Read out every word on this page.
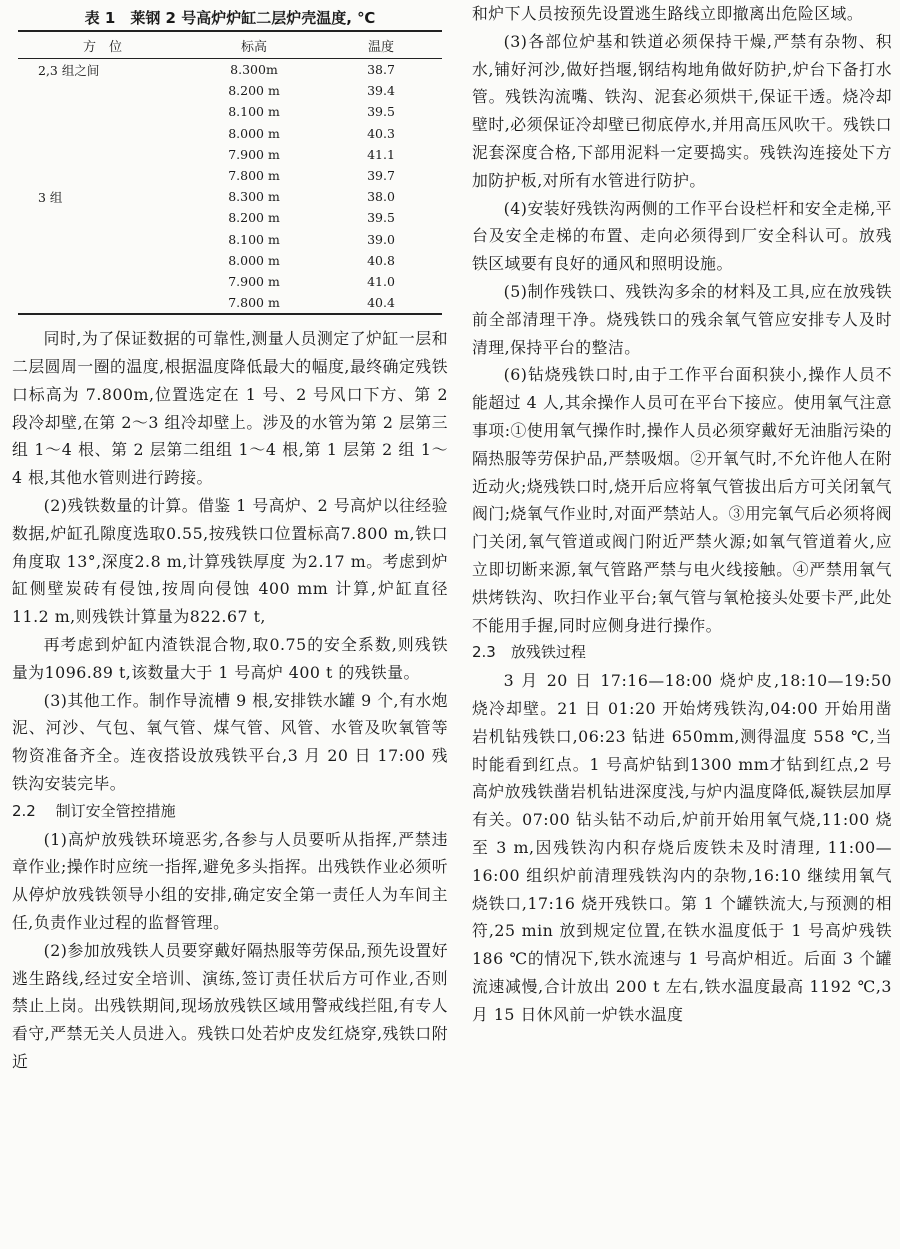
表 1　莱钢 2 号高炉炉缸二层炉壳温度, ℃
方　位	标高	温度
2,3 组之间	8.300m	38.7
	8.200 m	39.4
	8.100 m	39.5
	8.000 m	40.3
	7.900 m	41.1
	7.800 m	39.7
3 组	8.300 m	38.0
	8.200 m	39.5
	8.100 m	39.0
	8.000 m	40.8
	7.900 m	41.0
	7.800 m	40.4

同时,为了保证数据的可靠性,测量人员测定了炉缸一层和二层圆周一圈的温度,根据温度降低最大的幅度,最终确定残铁口标高为 7.800m,位置选定在 1 号、2 号风口下方、第 2 段冷却壁,在第 2～3 组冷却壁上。涉及的水管为第 2 层第三组 1～4 根、第 2 层第二组组 1～4 根,第 1 层第 2 组 1～4 根,其他水管则进行跨接。

(2)残铁数量的计算。借鉴 1 号高炉、2 号高炉以往经验数据,炉缸孔隙度选取0.55,按残铁口位置标高7.800 m,铁口角度取 13°,深度2.8 m,计算残铁厚度 为2.17 m。考虑到炉缸侧壁炭砖有侵蚀,按周向侵蚀 400 mm 计算,炉缸直径11.2 m,则残铁计算量为822.67 t,

再考虑到炉缸内渣铁混合物,取0.75的安全系数,则残铁量为1096.89 t,该数量大于 1 号高炉 400 t 的残铁量。

(3)其他工作。制作导流槽 9 根,安排铁水罐 9 个,有水炮泥、河沙、气包、氧气管、煤气管、风管、水管及吹氧管等物资准备齐全。连夜搭设放残铁平台,3 月 20 日 17:00 残铁沟安装完毕。

2.2　 制订安全管控措施

(1)高炉放残铁环境恶劣,各参与人员要听从指挥,严禁违章作业;操作时应统一指挥,避免多头指挥。出残铁作业必须听从停炉放残铁领导小组的安排,确定安全第一责任人为车间主任,负责作业过程的监督管理。

(2)参加放残铁人员要穿戴好隔热服等劳保品,预先设置好逃生路线,经过安全培训、演练,签订责任状后方可作业,否则禁止上岗。出残铁期间,现场放残铁区域用警戒线拦阻,有专人看守,严禁无关人员进入。残铁口处若炉皮发红烧穿,残铁口附近

和炉下人员按预先设置逃生路线立即撤离出危险区域。

(3)各部位炉基和铁道必须保持干燥,严禁有杂物、积水,铺好河沙,做好挡堰,钢结构地角做好防护,炉台下备打水管。残铁沟流嘴、铁沟、泥套必须烘干,保证干透。烧冷却壁时,必须保证冷却壁已彻底停水,并用高压风吹干。残铁口泥套深度合格,下部用泥料一定要捣实。残铁沟连接处下方加防护板,对所有水管进行防护。

(4)安装好残铁沟两侧的工作平台设栏杆和安全走梯,平台及安全走梯的布置、走向必须得到厂安全科认可。放残铁区域要有良好的通风和照明设施。

(5)制作残铁口、残铁沟多余的材料及工具,应在放残铁前全部清理干净。烧残铁口的残余氧气管应安排专人及时清理,保持平台的整洁。

(6)钻烧残铁口时,由于工作平台面积狭小,操作人员不能超过 4 人,其余操作人员可在平台下接应。使用氧气注意事项:①使用氧气操作时,操作人员必须穿戴好无油脂污染的隔热服等劳保护品,严禁吸烟。②开氧气时,不允许他人在附近动火;烧残铁口时,烧开后应将氧气管拔出后方可关闭氧气阀门;烧氧气作业时,对面严禁站人。③用完氧气后必须将阀门关闭,氧气管道或阀门附近严禁火源;如氧气管道着火,应立即切断来源,氧气管路严禁与电火线接触。④严禁用氧气烘烤铁沟、吹扫作业平台;氧气管与氧枪接头处要卡严,此处不能用手握,同时应侧身进行操作。

2.3　放残铁过程

3 月 20 日 17:16—18:00 烧炉皮,18:10—19:50 烧冷却壁。21 日 01:20 开始烤残铁沟,04:00 开始用凿岩机钻残铁口,06:23 钻进 650mm,测得温度 558 ℃,当时能看到红点。1 号高炉钻到1300 mm才钻到红点,2 号高炉放残铁凿岩机钻进深度浅,与炉内温度降低,凝铁层加厚有关。07:00 钻头钻不动后,炉前开始用氧气烧,11:00 烧至 3 m,因残铁沟内积存烧后废铁未及时清理, 11:00—16:00 组织炉前清理残铁沟内的杂物,16:10 继续用氧气烧铁口,17:16 烧开残铁口。第 1 个罐铁流大,与预测的相符,25 min 放到规定位置,在铁水温度低于 1 号高炉残铁 186 ℃的情况下,铁水流速与 1 号高炉相近。后面 3 个罐流速减慢,合计放出 200 t 左右,铁水温度最高 1192 ℃,3 月 15 日休风前一炉铁水温度
